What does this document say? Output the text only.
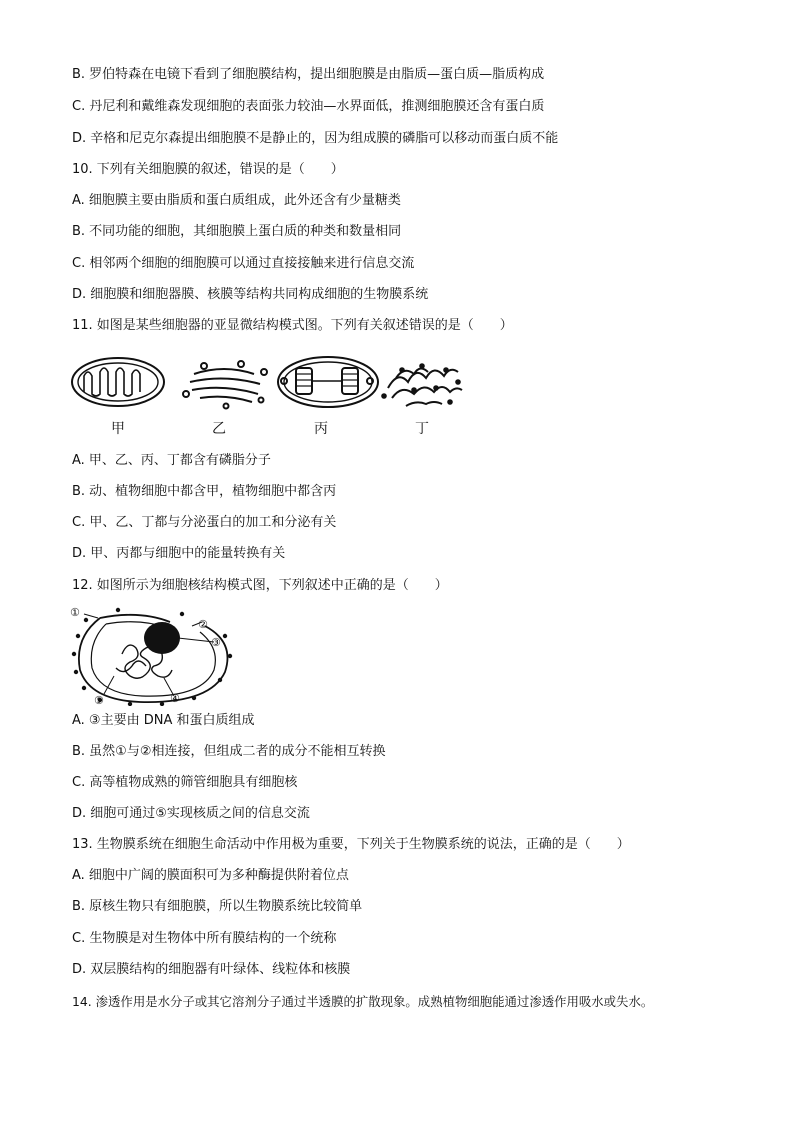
B. 罗伯特森在电镜下看到了细胞膜结构，提出细胞膜是由脂质—蛋白质—脂质构成
C. 丹尼利和戴维森发现细胞的表面张力较油—水界面低，推测细胞膜还含有蛋白质
D. 辛格和尼克尔森提出细胞膜不是静止的，因为组成膜的磷脂可以移动而蛋白质不能
10. 下列有关细胞膜的叙述，错误的是（　　）
A. 细胞膜主要由脂质和蛋白质组成，此外还含有少量糖类
B. 不同功能的细胞，其细胞膜上蛋白质的种类和数量相同
C. 相邻两个细胞的细胞膜可以通过直接接触来进行信息交流
D. 细胞膜和细胞器膜、核膜等结构共同构成细胞的生物膜系统
11. 如图是某些细胞器的亚显微结构模式图。下列有关叙述错误的是（　　）
甲	乙	丙	丁
A. 甲、乙、丙、丁都含有磷脂分子
B. 动、植物细胞中都含甲，植物细胞中都含丙
C. 甲、乙、丁都与分泌蛋白的加工和分泌有关
D. 甲、丙都与细胞中的能量转换有关
12. 如图所示为细胞核结构模式图，下列叙述中正确的是（　　）
①
②
③
④
⑤
A. ③主要由 DNA 和蛋白质组成
B. 虽然①与②相连接，但组成二者的成分不能相互转换
C. 高等植物成熟的筛管细胞具有细胞核
D. 细胞可通过⑤实现核质之间的信息交流
13. 生物膜系统在细胞生命活动中作用极为重要，下列关于生物膜系统的说法，正确的是（　　）
A. 细胞中广阔的膜面积可为多种酶提供附着位点
B. 原核生物只有细胞膜，所以生物膜系统比较简单
C. 生物膜是对生物体中所有膜结构的一个统称
D. 双层膜结构的细胞器有叶绿体、线粒体和核膜
14. 渗透作用是水分子或其它溶剂分子通过半透膜的扩散现象。成熟植物细胞能通过渗透作用吸水或失水。
